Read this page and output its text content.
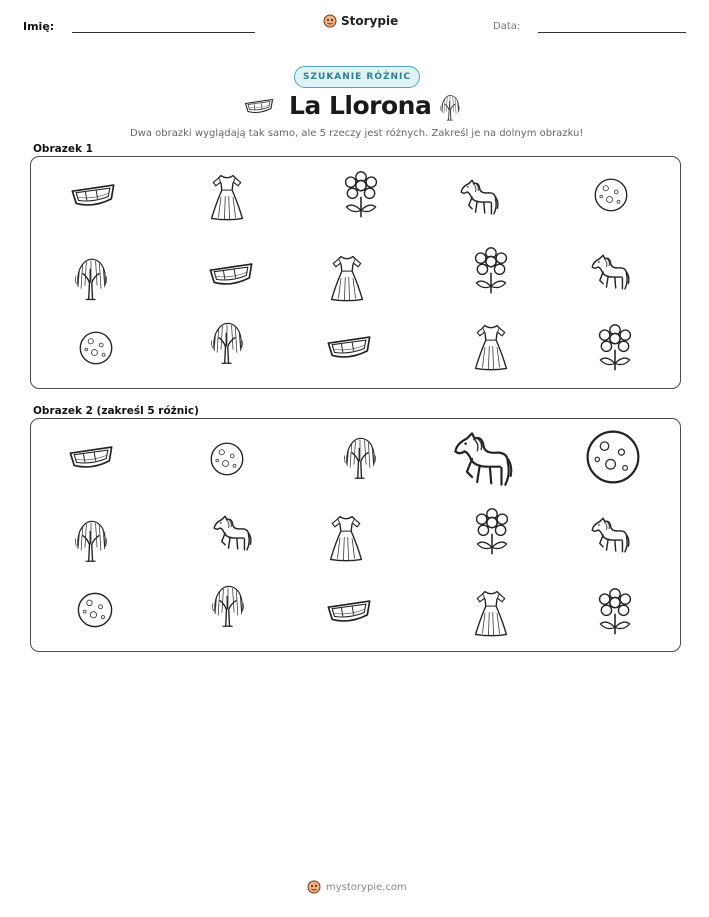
Imię:	Storypie	Data:
SZUKANIE RÓŻNIC
La Llorona
Dwa obrazki wyglądają tak samo, ale 5 rzeczy jest różnych. Zakreśl je na dolnym obrazku!
Obrazek 1
Obrazek 2 (zakreśl 5 różnic)
mystorypie.com
